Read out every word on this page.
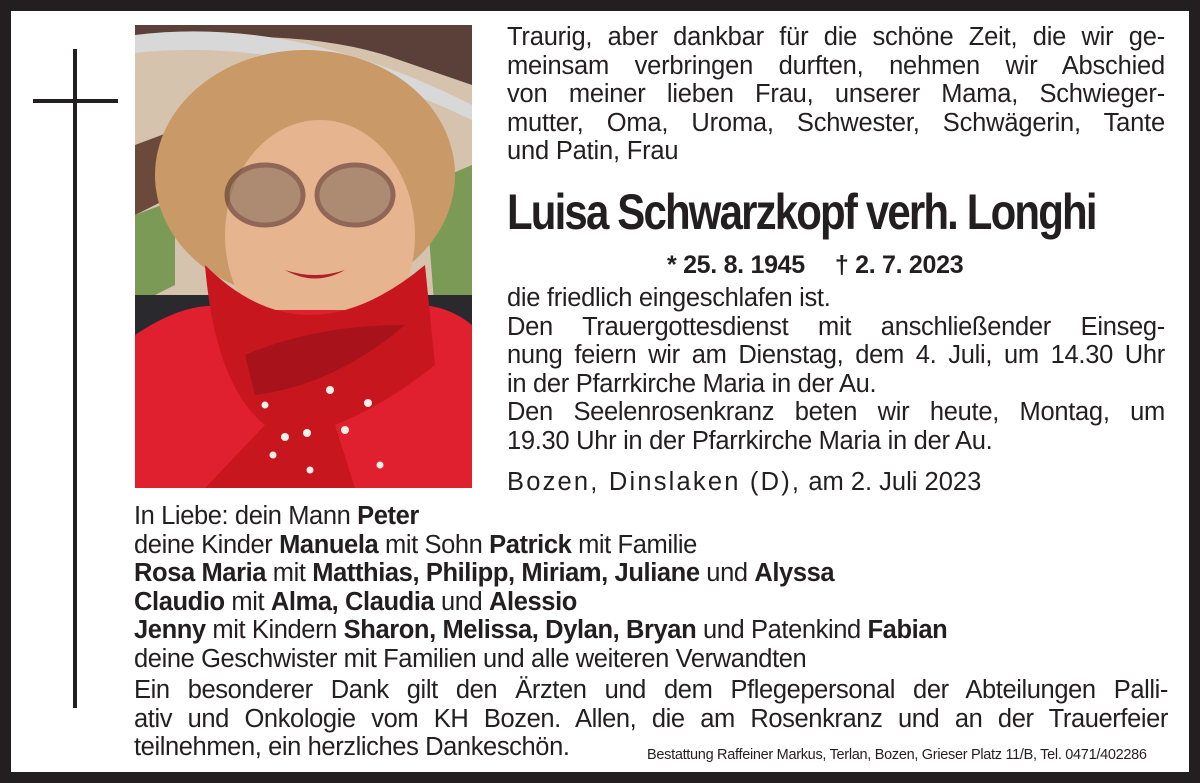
Traurig, aber dankbar für die schöne Zeit, die wir ge-
meinsam verbringen durften, nehmen wir Abschied
von meiner lieben Frau, unserer Mama, Schwieger-
mutter, Oma, Uroma, Schwester, Schwägerin, Tante
und Patin, Frau
Luisa Schwarzkopf verh. Longhi
* 25. 8. 1945 † 2. 7. 2023
die friedlich eingeschlafen ist.
Den Trauergottesdienst mit anschließender Einseg-
nung feiern wir am Dienstag, dem 4. Juli, um 14.30 Uhr
in der Pfarrkirche Maria in der Au.
Den Seelenrosenkranz beten wir heute, Montag, um
19.30 Uhr in der Pfarrkirche Maria in der Au.
Bozen, Dinslaken (D), am 2. Juli 2023
In Liebe: dein Mann Peter
deine Kinder Manuela mit Sohn Patrick mit Familie
Rosa Maria mit Matthias, Philipp, Miriam, Juliane und Alyssa
Claudio mit Alma, Claudia und Alessio
Jenny mit Kindern Sharon, Melissa, Dylan, Bryan und Patenkind Fabian
deine Geschwister mit Familien und alle weiteren Verwandten
Ein besonderer Dank gilt den Ärzten und dem Pflegepersonal der Abteilungen Palli-
ativ und Onkologie vom KH Bozen. Allen, die am Rosenkranz und an der Trauerfeier
teilnehmen, ein herzliches Dankeschön.	Bestattung Raffeiner Markus, Terlan, Bozen, Grieser Platz 11/B, Tel. 0471/402286
